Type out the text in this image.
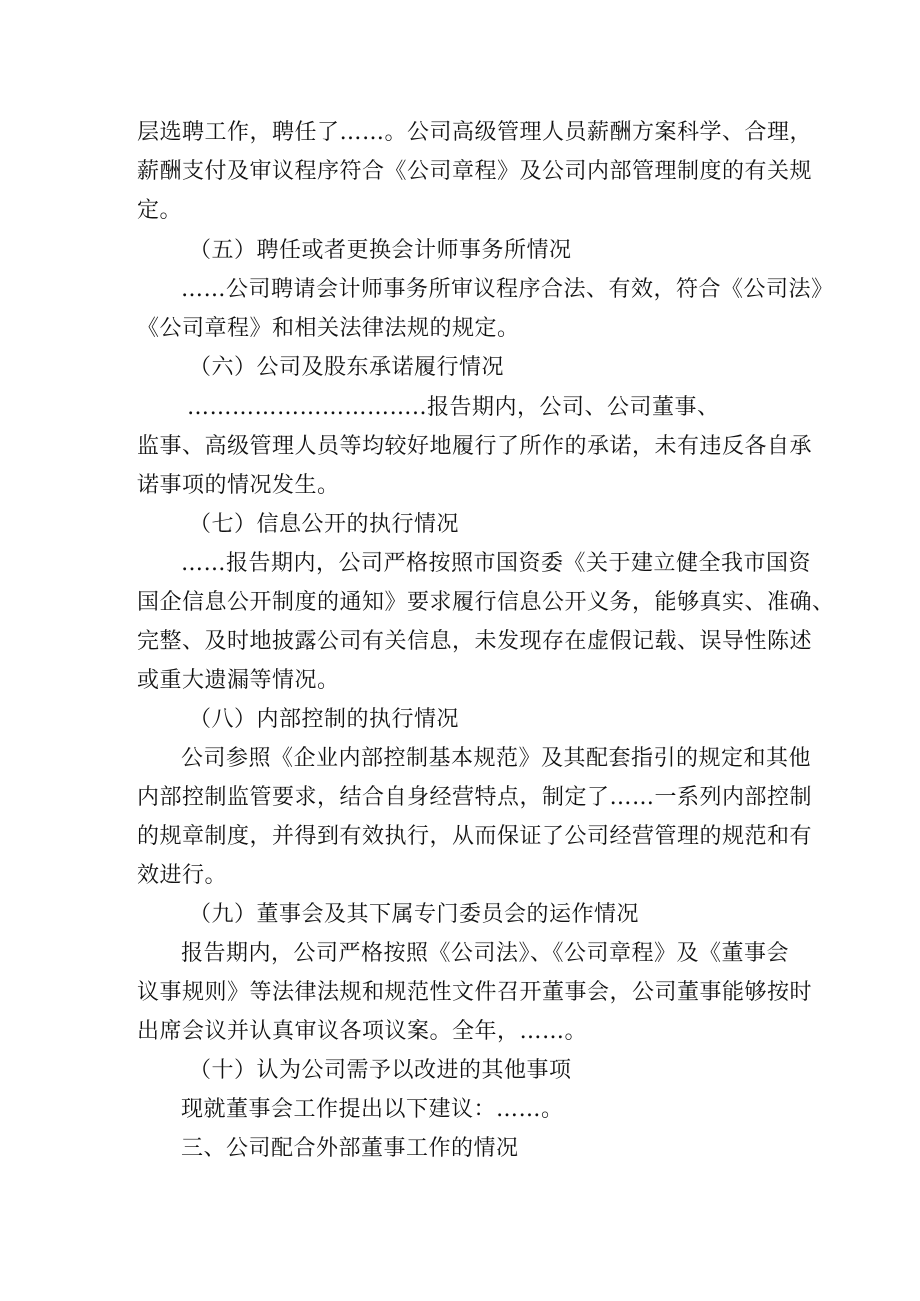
层选聘工作，聘任了……。公司高级管理人员薪酬方案科学、合理，
薪酬支付及审议程序符合《公司章程》及公司内部管理制度的有关规
定。
（五）聘任或者更换会计师事务所情况
……公司聘请会计师事务所审议程序合法、有效，符合《公司法》
《公司章程》和相关法律法规的规定。
（六）公司及股东承诺履行情况
…………………………..报告期内，公司、公司董事、
监事、高级管理人员等均较好地履行了所作的承诺，未有违反各自承
诺事项的情况发生。
（七）信息公开的执行情况
……报告期内，公司严格按照市国资委《关于建立健全我市国资
国企信息公开制度的通知》要求履行信息公开义务，能够真实、准确、
完整、及时地披露公司有关信息，未发现存在虚假记载、误导性陈述
或重大遗漏等情况。
（八）内部控制的执行情况
公司参照《企业内部控制基本规范》及其配套指引的规定和其他
内部控制监管要求，结合自身经营特点，制定了……一系列内部控制
的规章制度，并得到有效执行，从而保证了公司经营管理的规范和有
效进行。
（九）董事会及其下属专门委员会的运作情况
报告期内，公司严格按照《公司法》、《公司章程》及《董事会
议事规则》等法律法规和规范性文件召开董事会，公司董事能够按时
出席会议并认真审议各项议案。全年，……。
（十）认为公司需予以改进的其他事项
现就董事会工作提出以下建议：……。
三、公司配合外部董事工作的情况
